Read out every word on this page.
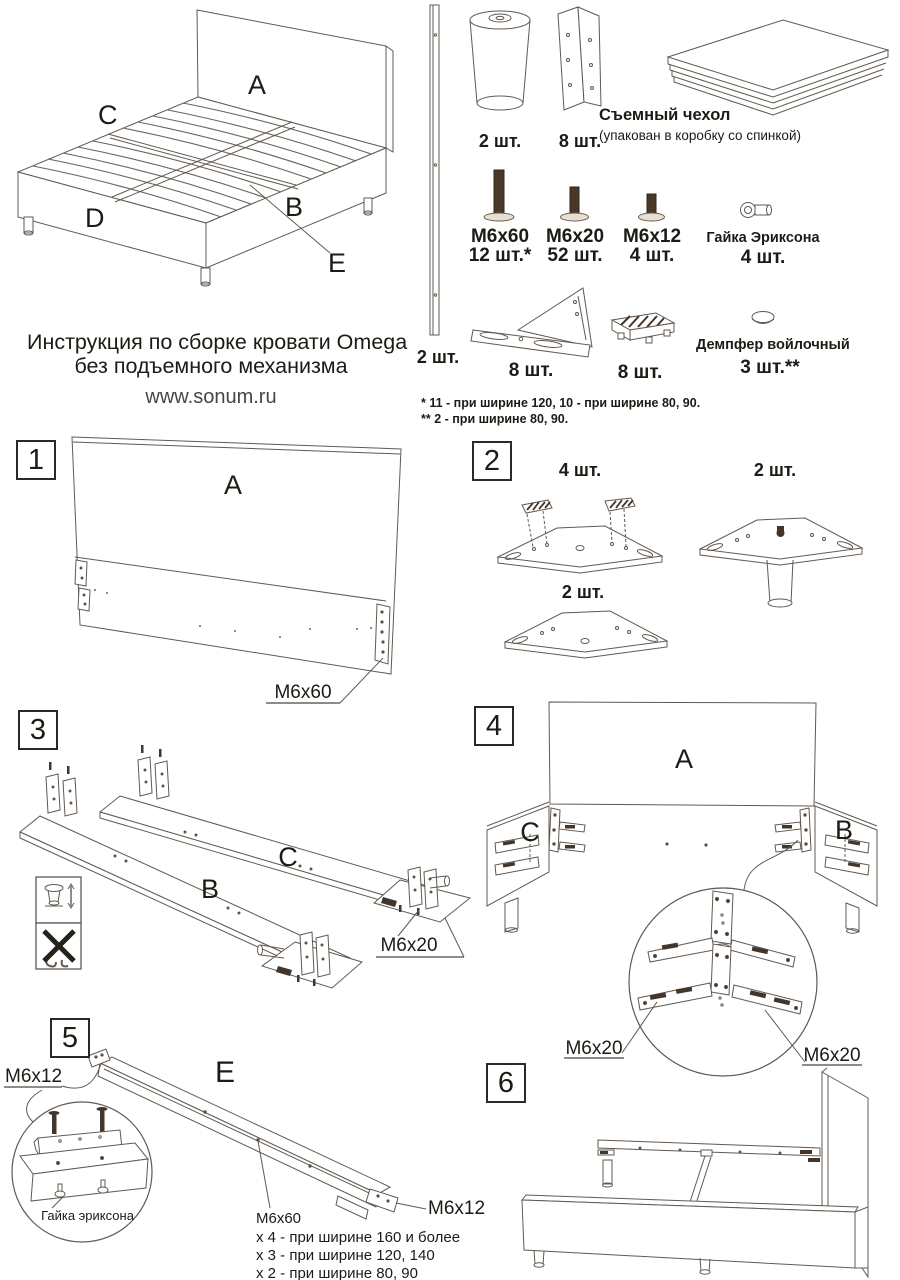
Инструкция по сборке кровати Omega
без подъемного механизма
www.sonum.ru
A
C
B
D
E
2 шт.
2 шт.	8 шт.
Съемный чехол
(упакован в коробку со спинкой)
M6x60
12 шт.*
M6x20
52 шт.
M6x12
4 шт.
Гайка Эриксона
4 шт.
8 шт.	8 шт.
Демпфер войлочный
3 шт.**
* 11 - при ширине 120, 10 - при ширине 80, 90.
** 2 - при ширине 80, 90.
1	2
3	4
5
6
A
M6x60
4 шт.	2 шт.
2 шт.
C
B
M6x20
A
C	B
M6x20	M6x20
E
M6x12
M6x12
Гайка эриксона	M6x60
x 4 - при ширине 160 и более
x 3 - при ширине 120, 140
x 2 - при ширине 80, 90
